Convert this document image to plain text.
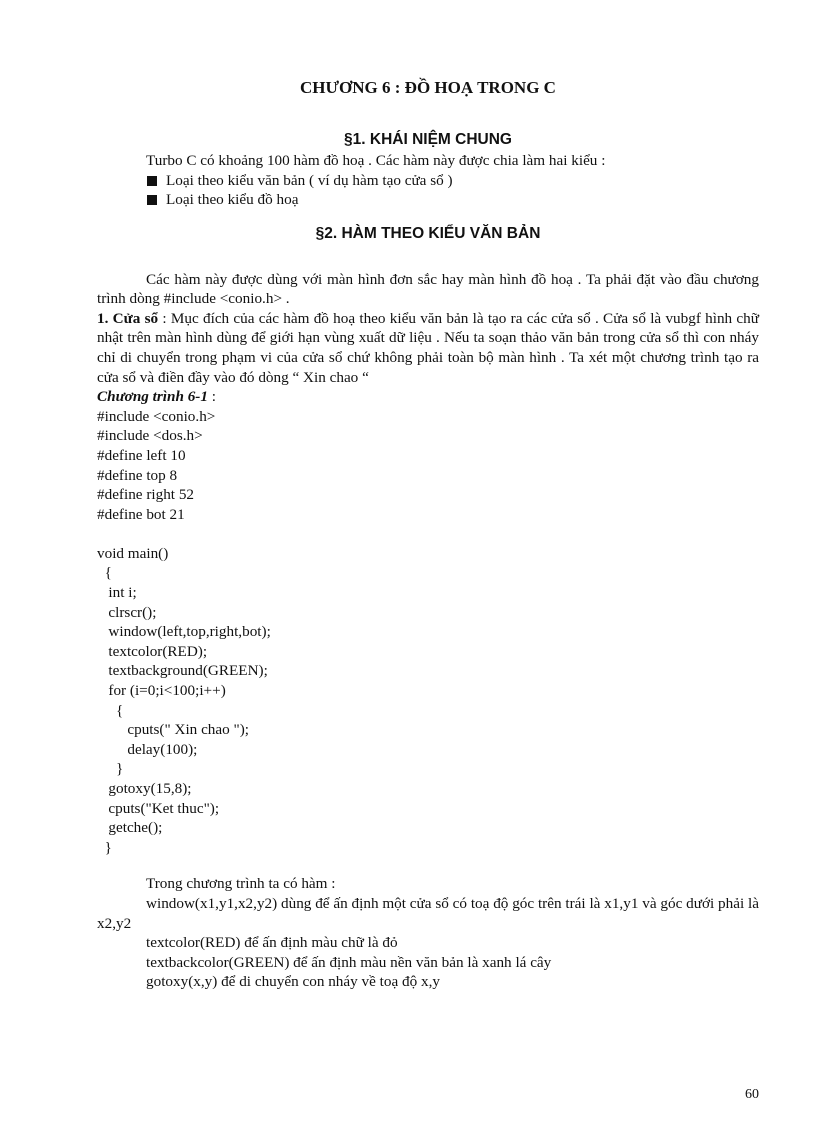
CHƯƠNG 6 : ĐỒ HOẠ TRONG C

§1. KHÁI NIỆM CHUNG

Turbo C có khoảng 100 hàm đồ hoạ . Các hàm này được chia làm hai kiểu :

Loại theo kiểu văn bản ( ví dụ hàm tạo cửa sổ )
Loại theo kiểu đồ hoạ

§2. HÀM THEO KIỂU VĂN BẢN

Các hàm này được dùng với màn hình đơn sắc hay màn hình đồ hoạ . Ta phải đặt vào đầu chương trình dòng #include <conio.h> .

1. Cửa sổ : Mục đích của các hàm đồ hoạ theo kiểu văn bản là tạo ra các cửa sổ . Cửa sổ là vubgf hình chữ nhật trên màn hình dùng để giới hạn vùng xuất dữ liệu . Nếu ta soạn thảo văn bản trong cửa sổ thì con nháy chỉ di chuyển trong phạm vi của cửa sổ chứ không phải toàn bộ màn hình . Ta xét một chương trình tạo ra cửa sổ và điền đầy vào đó dòng “ Xin chao “

Chương trình 6-1 :

#include <conio.h>
#include <dos.h>
#define left 10
#define top 8
#define right 52
#define bot 21

void main()
{
int i;
clrscr();
window(left,top,right,bot);
textcolor(RED);
textbackground(GREEN);
for (i=0;i<100;i++)
{
cputs(" Xin chao ");
delay(100);
}
gotoxy(15,8);
cputs("Ket thuc");
getche();
}

Trong chương trình ta có hàm :

window(x1,y1,x2,y2) dùng để ấn định một cửa sổ có toạ độ góc trên trái là x1,y1 và góc dưới phải là x2,y2

textcolor(RED) để ấn định màu chữ là đỏ

textbackcolor(GREEN) để ấn định màu nền văn bản là xanh lá cây

gotoxy(x,y) để di chuyển con nháy về toạ độ x,y

60
